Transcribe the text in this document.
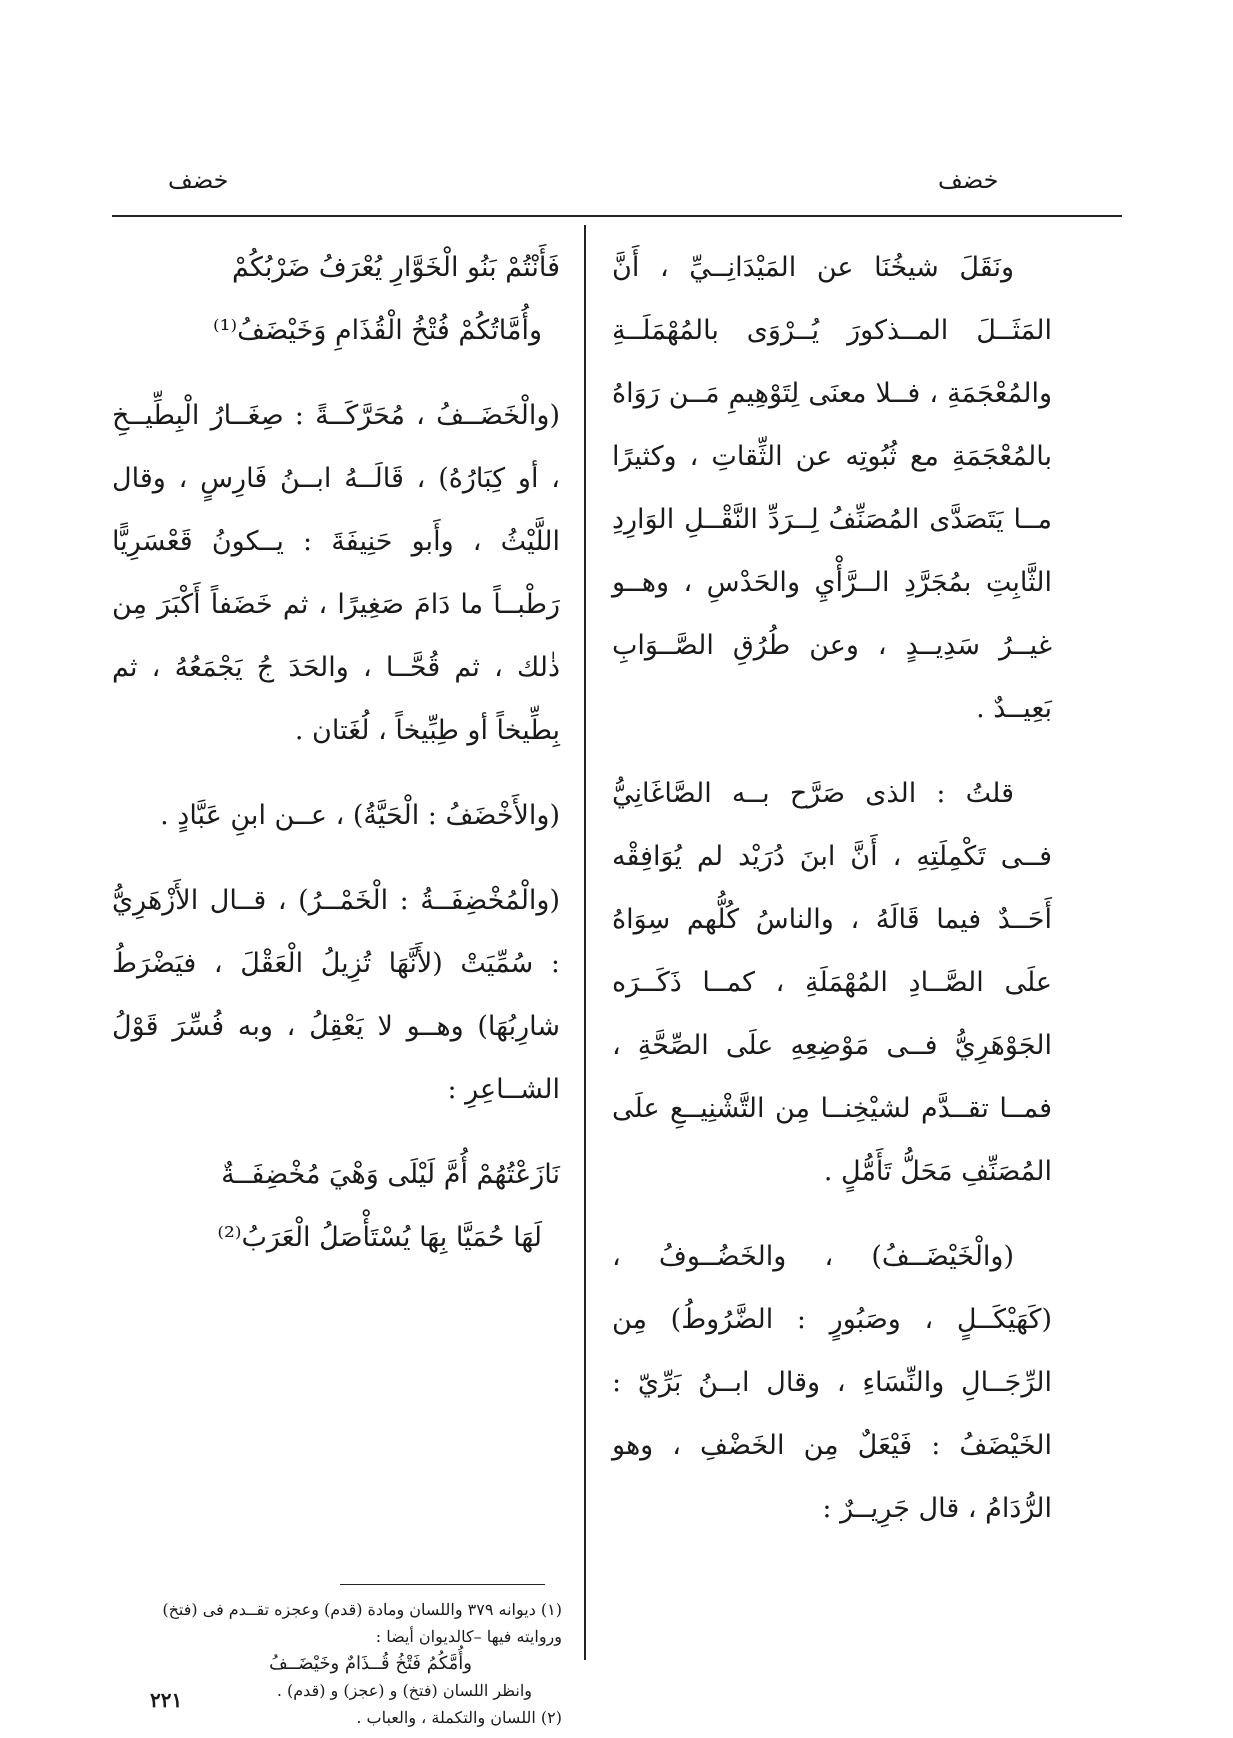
خضف
خضف

ونَقَلَ شيخُنَا عن المَيْدَانِــيِّ ، أَنَّ المَثَــلَ المــذكورَ يُــرْوَى بالمُهْمَلَــةِ والمُعْجَمَةِ ، فــلا معنَى لِتَوْهِيمِ مَــن رَوَاهُ بالمُعْجَمَةِ مع ثُبُوتِه عن الثِّقاتِ ، وكثيرًا مــا يَتَصَدَّى المُصَنِّفُ لِــرَدِّ النَّقْــلِ الوَارِدِ الثَّابِتِ بمُجَرَّدِ الــرَّأْيِ والحَدْسِ ، وهــو غيــرُ سَدِيــدٍ ، وعن طُرُقِ الصَّــوَابِ بَعِيــدٌ .

قلتُ : الذى صَرَّح بــه الصَّاغَانِيُّ فــى تَكْمِلَتِهِ ، أَنَّ ابنَ دُرَيْد لم يُوَافِقْه أَحَــدٌ فيما قَالَهُ ، والناسُ كُلُّهم سِوَاهُ علَى الصَّــادِ المُهْمَلَةِ ، كمــا ذَكَــرَه الجَوْهَرِيُّ فــى مَوْضِعِهِ علَى الصِّحَّةِ ، فمــا تقــدَّم لشيْخِنــا مِن التَّشْنِيــعِ علَى المُصَنِّفِ مَحَلُّ تَأَمُّلٍ .

(والْخَيْضَــفُ) ، والخَضُــوفُ ، (كَهَيْكَــلٍ ، وصَبُورٍ : الضَّرُوطُ) مِن الرِّجَــالِ والنِّسَاءِ ، وقال ابــنُ بَرِّيّ : الخَيْضَفُ : فَيْعَلٌ مِن الخَضْفِ ، وهو الرُّدَامُ ، قال جَرِيــرٌ :

فَأَنْتُمْ بَنُو الْخَوَّارِ يُعْرَفُ ضَرْبُكُمْ
وأُمَّاتُكُمْ فُتْخُ الْقُذَامِ وَخَيْضَفُ⁽¹⁾

(والْخَضَــفُ ، مُحَرَّكَــةً : صِغَــارُ الْبِطِّيــخِ ، أو كِبَارُهُ) ، قَالَــهُ ابــنُ فَارِسٍ ، وقال اللَّيْثُ ، وأَبو حَنِيفَةَ : يــكونُ قَعْسَرِيًّا رَطْبــاً ما دَامَ صَغِيرًا ، ثم خَضَفاً أَكْبَرَ مِن ذٰلك ، ثم قُحَّــا ، والحَدَ جُ يَجْمَعُهُ ، ثم بِطِّيخاً أو طِبِّيخاً ، لُغَتان .

(والأَخْضَفُ : الْحَيَّةُ) ، عــن ابنِ عَبَّادٍ .

(والْمُخْضِفَــةُ : الْخَمْــرُ) ، قــال الأَزْهَرِيُّ : سُمِّيَتْ (لأَنَّهَا تُزِيلُ الْعَقْلَ ، فيَضْرَطُ شارِبُهَا) وهــو لا يَعْقِلُ ، وبه فُسِّرَ قَوْلُ الشــاعِرِ :

نَازَعْتُهُمْ أُمَّ لَيْلَى وَهْيَ مُخْضِفَــةٌ
لَهَا حُمَيَّا بِهَا يُسْتَأْصَلُ الْعَرَبُ⁽²⁾
(١) ديوانه ٣٧٩ واللسان ومادة (قدم) وعجزه تقــدم فى (فتخ) وروايته فيها –كالديوان أيضا :
وأُمَّكُمُ فَتْخُ قُــذَامٌ وخَيْضَــفُ
وانظر اللسان (فتخ) و (عجز) و (قدم) .
(٢) اللسان والتكملة ، والعباب .
٢٢١
